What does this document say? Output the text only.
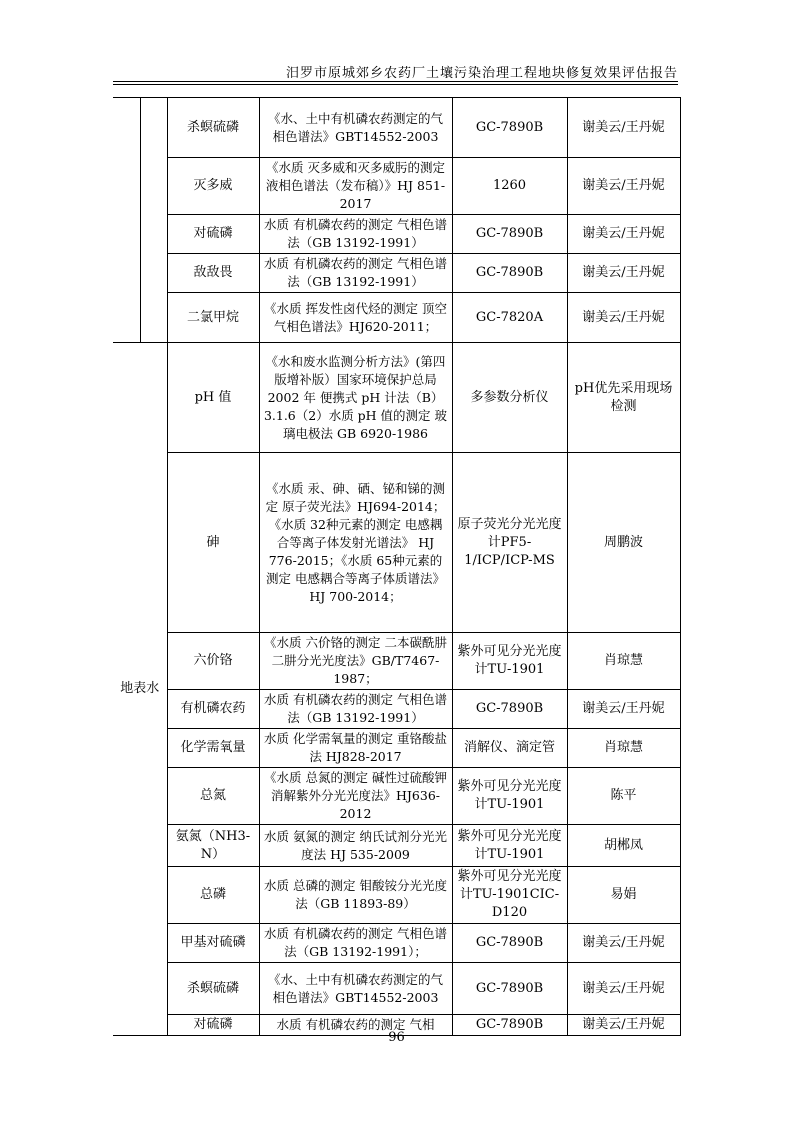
汨罗市原城郊乡农药厂土壤污染治理工程地块修复效果评估报告
		杀螟硫磷	《水、土中有机磷农药测定的气相色谱法》GBT14552-2003	GC-7890B	谢美云/王丹妮
		灭多威	《水质 灭多威和灭多威肟的测定 液相色谱法（发布稿）》HJ 851-2017	1260	谢美云/王丹妮
		对硫磷	水质 有机磷农药的测定 气相色谱法（GB 13192-1991）	GC-7890B	谢美云/王丹妮
		敌敌畏	水质 有机磷农药的测定 气相色谱法（GB 13192-1991）	GC-7890B	谢美云/王丹妮
		二氯甲烷	《水质 挥发性卤代烃的测定 顶空气相色谱法》HJ620-2011；	GC-7820A	谢美云/王丹妮
地表水		pH 值	《水和废水监测分析方法》(第四版增补版）国家环境保护总局 2002 年 便携式 pH 计法（B） 3.1.6（2）水质 pH 值的测定 玻璃电极法 GB 6920-1986	多参数分析仪	pH优先采用现场检测
		砷	《水质 汞、砷、硒、铋和锑的测定 原子荧光法》HJ694-2014；《水质 32种元素的测定 电感耦合等离子体发射光谱法》 HJ 776-2015；《水质 65种元素的测定 电感耦合等离子体质谱法》HJ 700-2014；	原子荧光分光光度计PF5-1/ICP/ICP-MS	周鹏波
		六价铬	《水质 六价铬的测定 二本碳酰肼二肼分光光度法》GB/T7467-1987；	紫外可见分光光度计TU-1901	肖琼慧
		有机磷农药	水质 有机磷农药的测定 气相色谱法（GB 13192-1991）	GC-7890B	谢美云/王丹妮
		化学需氧量	水质 化学需氧量的测定 重铬酸盐法 HJ828-2017	消解仪、滴定管	肖琼慧
		总氮	《水质 总氮的测定 碱性过硫酸钾消解紫外分光光度法》HJ636-2012	紫外可见分光光度计TU-1901	陈平
		氨氮（NH3-N）	水质 氨氮的测定 纳氏试剂分光光度法 HJ 535-2009	紫外可见分光光度计TU-1901	胡郴凤
		总磷	水质 总磷的测定 钼酸铵分光光度法（GB 11893-89）	紫外可见分光光度计TU-1901CIC-D120	易娟
		甲基对硫磷	水质 有机磷农药的测定 气相色谱法（GB 13192-1991）；	GC-7890B	谢美云/王丹妮
		杀螟硫磷	《水、土中有机磷农药测定的气相色谱法》GBT14552-2003	GC-7890B	谢美云/王丹妮
		对硫磷	水质 有机磷农药的测定 气相	GC-7890B	谢美云/王丹妮
96
